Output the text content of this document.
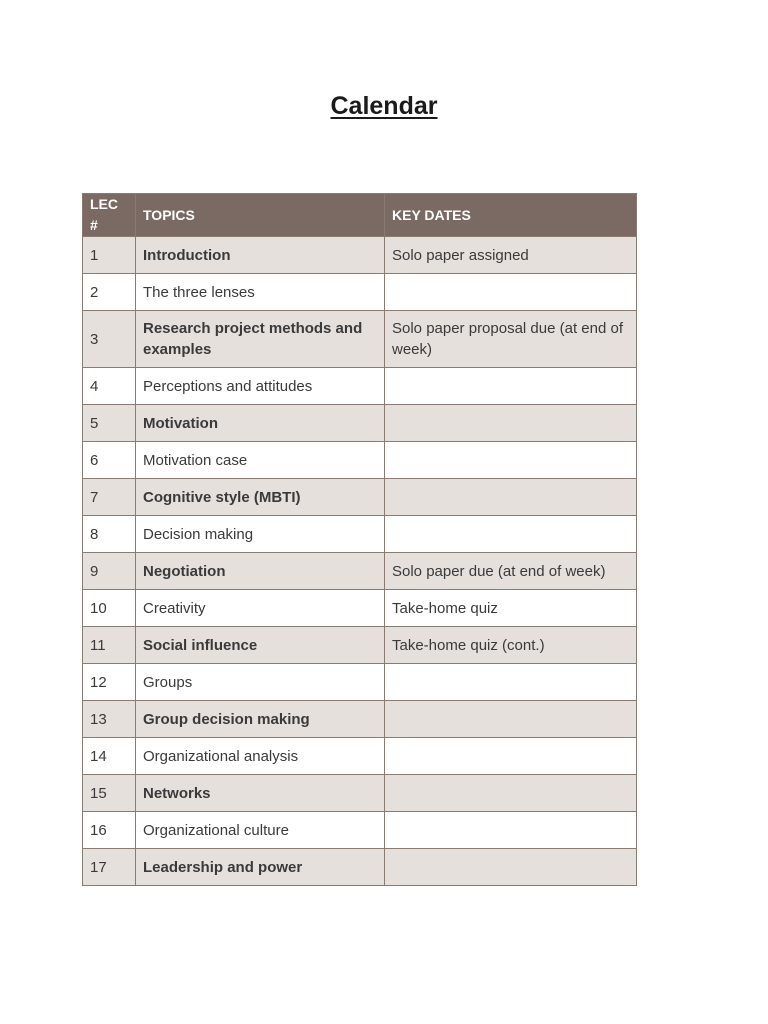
Calendar
LEC #	TOPICS	KEY DATES
1	Introduction	Solo paper assigned
2	The three lenses	
3	Research project methods and examples	Solo paper proposal due (at end of week)
4	Perceptions and attitudes	
5	Motivation	
6	Motivation case	
7	Cognitive style (MBTI)	
8	Decision making	
9	Negotiation	Solo paper due (at end of week)
10	Creativity	Take-home quiz
11	Social influence	Take-home quiz (cont.)
12	Groups	
13	Group decision making	
14	Organizational analysis	
15	Networks	
16	Organizational culture	
17	Leadership and power	
